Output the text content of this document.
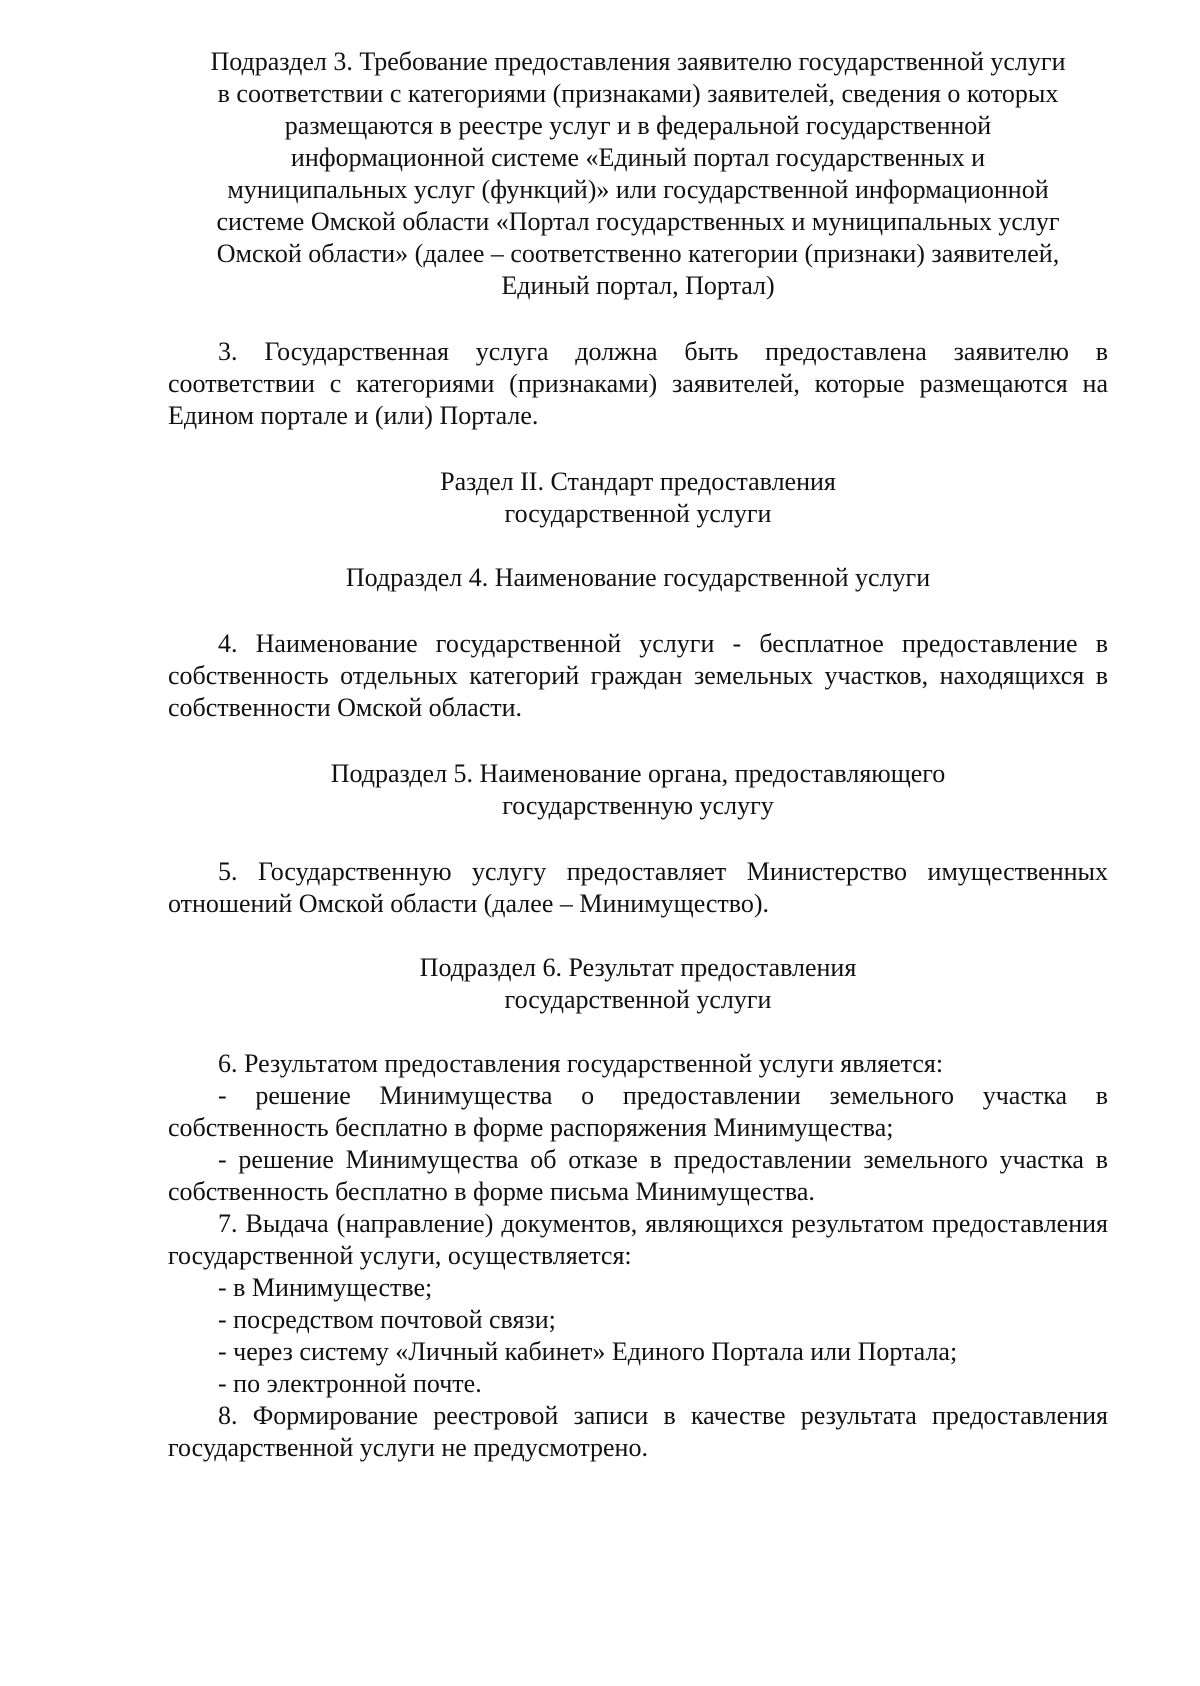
Подраздел 3. Требование предоставления заявителю государственной услуги
в соответствии с категориями (признаками) заявителей, сведения о которых
размещаются в реестре услуг и в федеральной государственной
информационной системе «Единый портал государственных и
муниципальных услуг (функций)» или государственной информационной
системе Омской области «Портал государственных и муниципальных услуг
Омской области» (далее – соответственно категории (признаки) заявителей,
Единый портал, Портал)

3. Государственная услуга должна быть предоставлена заявителю в соответствии с категориями (признаками) заявителей, которые размещаются на Едином портале и (или) Портале.

Раздел II. Стандарт предоставления
государственной услуги
Подраздел 4. Наименование государственной услуги

4. Наименование государственной услуги - бесплатное предоставление в собственность отдельных категорий граждан земельных участков, находящихся в собственности Омской области.

Подраздел 5. Наименование органа, предоставляющего
государственную услугу

5. Государственную услугу предоставляет Министерство имущественных отношений Омской области (далее – Минимущество).

Подраздел 6. Результат предоставления
государственной услуги

6. Результатом предоставления государственной услуги является:

- решение Минимущества о предоставлении земельного участка в собственность бесплатно в форме распоряжения Минимущества;

- решение Минимущества об отказе в предоставлении земельного участка в собственность бесплатно в форме письма Минимущества.

7. Выдача (направление) документов, являющихся результатом предоставления государственной услуги, осуществляется:

- в Минимуществе;

- посредством почтовой связи;

- через систему «Личный кабинет» Единого Портала или Портала;

- по электронной почте.

8. Формирование реестровой записи в качестве результата предоставления государственной услуги не предусмотрено.
